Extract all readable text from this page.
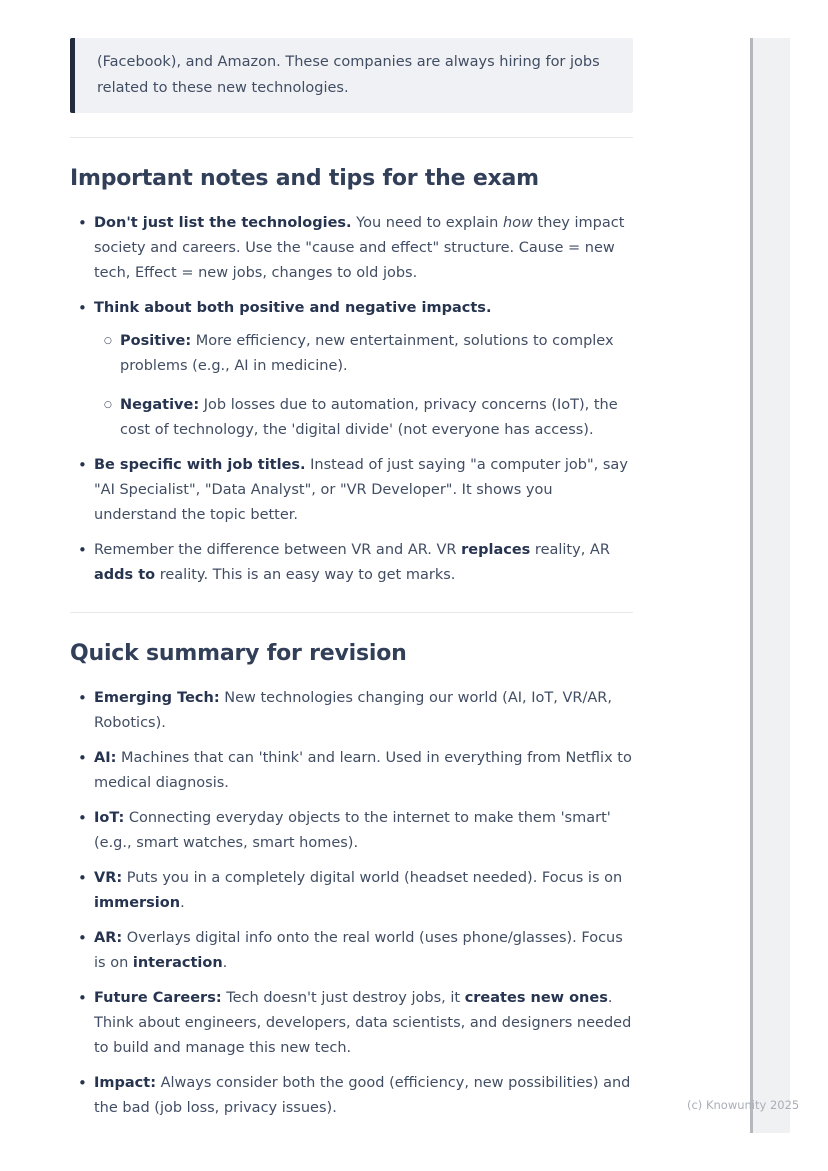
(Facebook), and Amazon. These companies are always hiring for jobs related to these new technologies.
Important notes and tips for the exam
• Don't just list the technologies. You need to explain how they impact society and careers. Use the "cause and effect" structure. Cause = new tech, Effect = new jobs, changes to old jobs.
• Think about both positive and negative impacts.
○ Positive: More efficiency, new entertainment, solutions to complex problems (e.g., AI in medicine).
○ Negative: Job losses due to automation, privacy concerns (IoT), the cost of technology, the 'digital divide' (not everyone has access).
• Be specific with job titles. Instead of just saying "a computer job", say "AI Specialist", "Data Analyst", or "VR Developer". It shows you understand the topic better.
• Remember the difference between VR and AR. VR replaces reality, AR adds to reality. This is an easy way to get marks.
Quick summary for revision
• Emerging Tech: New technologies changing our world (AI, IoT, VR/AR, Robotics).
• AI: Machines that can 'think' and learn. Used in everything from Netflix to medical diagnosis.
• IoT: Connecting everyday objects to the internet to make them 'smart' (e.g., smart watches, smart homes).
• VR: Puts you in a completely digital world (headset needed). Focus is on immersion.
• AR: Overlays digital info onto the real world (uses phone/glasses). Focus is on interaction.
• Future Careers: Tech doesn't just destroy jobs, it creates new ones. Think about engineers, developers, data scientists, and designers needed to build and manage this new tech.
• Impact: Always consider both the good (efficiency, new possibilities) and the bad (job loss, privacy issues).	(c) Knowunity 2025
